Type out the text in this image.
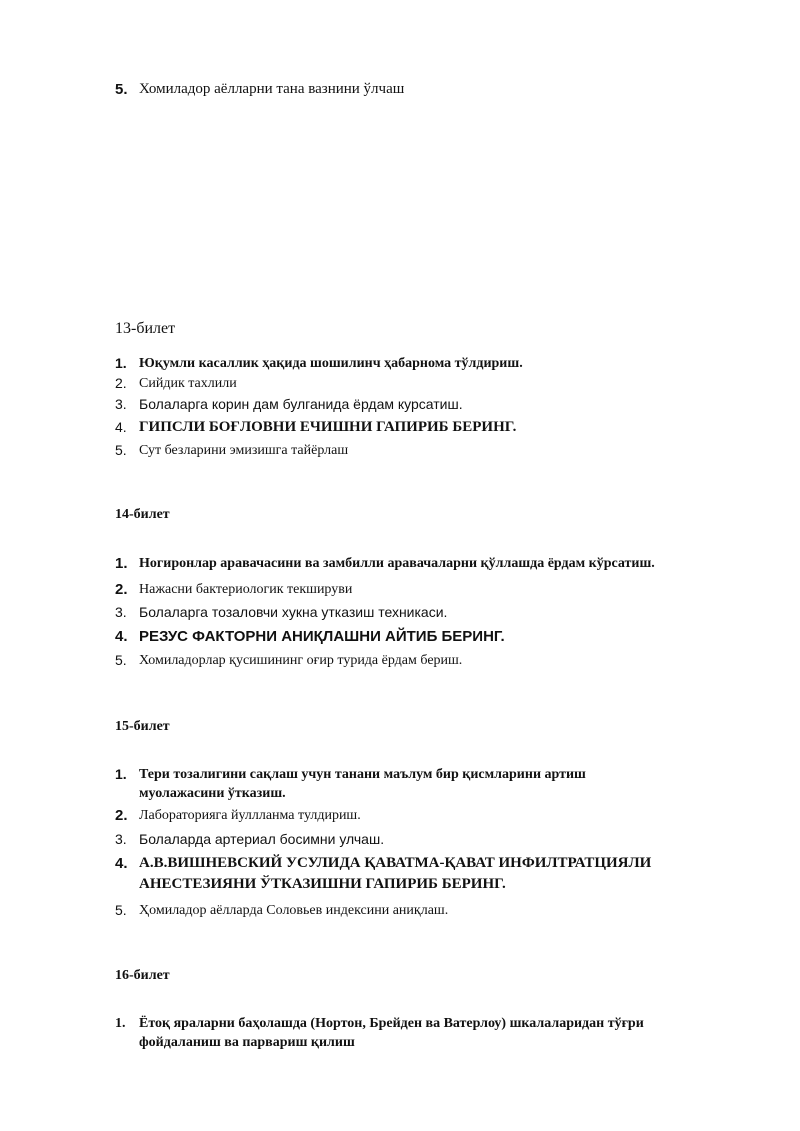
5. Хомиладор аёлларни тана вазнини ўлчаш
13-билет
1. Юқумли касаллик ҳақида шошилинч ҳабарнома тўлдириш.
2. Сийдик тахлили
3. Болаларга корин дам булганида ёрдам курсатиш.
4. ГИПСЛИ БОҒЛОВНИ ЕЧИШНИ ГАПИРИБ БЕРИНГ.
5. Сут безларини эмизишга тайёрлаш
14-билет
1. Ногиронлар аравачасини ва замбилли аравачаларни қўллашда ёрдам кўрсатиш.
2. Нажасни бактериологик текшируви
3. Болаларга тозаловчи хукна утказиш техникаси.
4. РЕЗУС ФАКТОРНИ АНИҚЛАШНИ АЙТИБ БЕРИНГ.
5. Хомиладорлар қусишининг оғир турида ёрдам бериш.
15-билет
1. Тери тозалигини сақлаш учун танани маълум бир қисмларини артиш
муолажасини ўтказиш.
2. Лабораторияга йуллланма тулдириш.
3. Болаларда артериал босимни улчаш.
4. А.В.ВИШНЕВСКИЙ УСУЛИДА ҚАВАТМА-ҚАВАТ ИНФИЛТРАТЦИЯЛИ
АНЕСТЕЗИЯНИ ЎТКАЗИШНИ ГАПИРИБ БЕРИНГ.
5. Ҳомиладор аёлларда Соловьев индексини аниқлаш.
16-билет
1. Ётоқ яраларни баҳолашда (Нортон, Брейден ва Ватерлоу) шкалаларидан тўғри
фойдаланиш ва парвариш қилиш
